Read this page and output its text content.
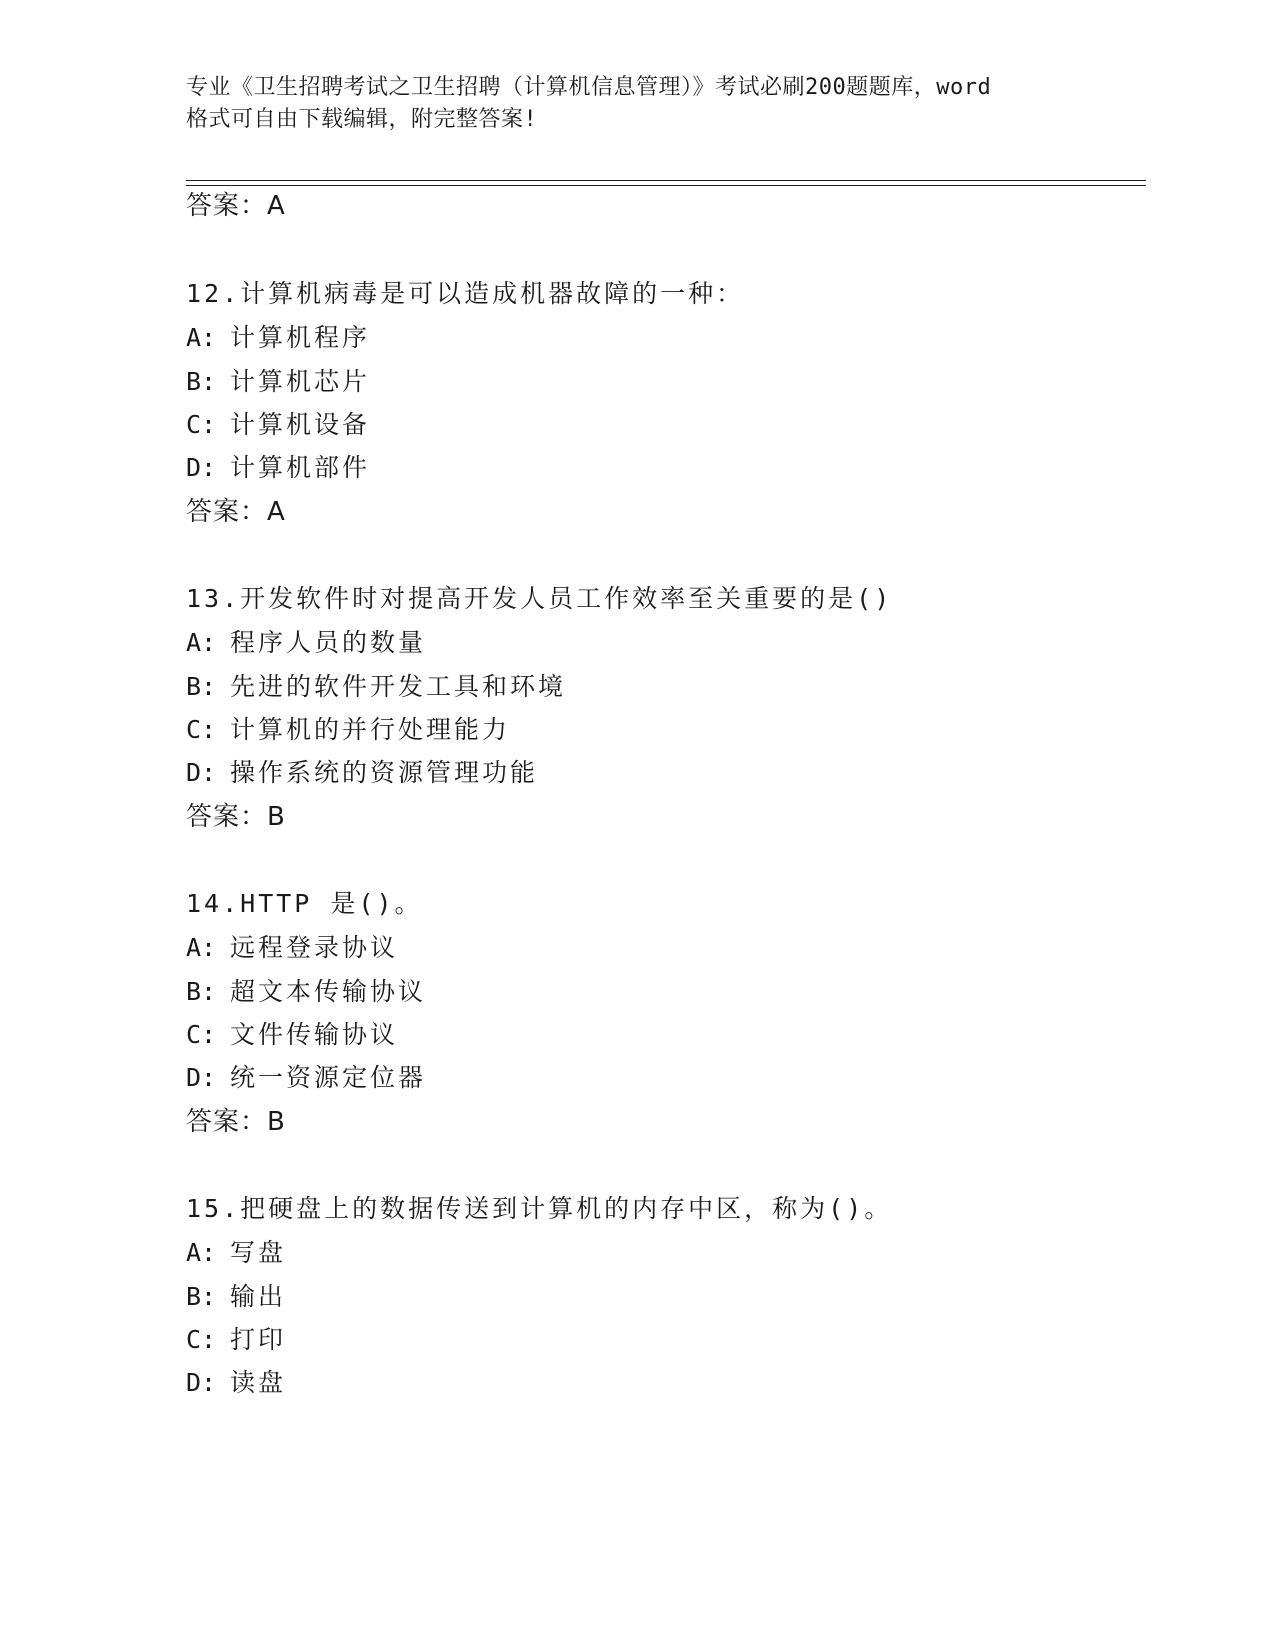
专业《卫生招聘考试之卫生招聘（计算机信息管理）》考试必刷200题题库，word
格式可自由下载编辑，附完整答案!
答案：A
12.计算机病毒是可以造成机器故障的一种：
A: 计算机程序
B: 计算机芯片
C: 计算机设备
D: 计算机部件
答案：A
13.开发软件时对提高开发人员工作效率至关重要的是()
A: 程序人员的数量
B: 先进的软件开发工具和环境
C: 计算机的并行处理能力
D: 操作系统的资源管理功能
答案：B
14.HTTP 是()。
A: 远程登录协议
B: 超文本传输协议
C: 文件传输协议
D: 统一资源定位器
答案：B
15.把硬盘上的数据传送到计算机的内存中区，称为()。
A: 写盘
B: 输出
C: 打印
D: 读盘
